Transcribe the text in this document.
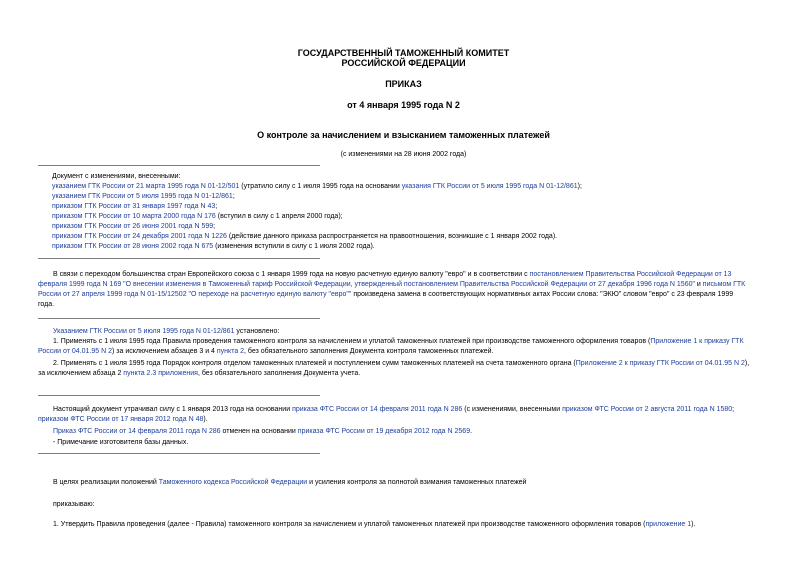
ГОСУДАРСТВЕННЫЙ ТАМОЖЕННЫЙ КОМИТЕТ
РОССИЙСКОЙ ФЕДЕРАЦИИ
ПРИКАЗ
от 4 января 1995 года N 2
О контроле за начислением и взысканием таможенных платежей
(с изменениями на 28 июня 2002 года)
Документ с изменениями, внесенными:
указанием ГТК России от 21 марта 1995 года N 01-12/501 (утратило силу с 1 июля 1995 года на основании указания ГТК России от 5 июля 1995 года N 01-12/861);
указанием ГТК России от 5 июля 1995 года N 01-12/861;
приказом ГТК России от 31 января 1997 года N 43;
приказом ГТК России от 10 марта 2000 года N 176 (вступил в силу с 1 апреля 2000 года);
приказом ГТК России от 26 июня 2001 года N 599;
приказом ГТК России от 24 декабря 2001 года N 1226 (действие данного приказа распространяется на правоотношения, возникшие с 1 января 2002 года).
приказом ГТК России от 28 июня 2002 года N 675 (изменения вступили в силу с 1 июля 2002 года).
В связи с переходом большинства стран Европейского союза с 1 января 1999 года на новую расчетную единую валюту "евро" и в соответствии с постановлением Правительства Российской Федерации от 13
февраля 1999 года N 169 "О внесении изменения в Таможенный тариф Российской Федерации, утвержденный постановлением Правительства Российской Федерации от 27 декабря 1996 года N 1560" и письмом ГТК
России от 27 апреля 1999 года N 01-15/12502 "О переходе на расчетную единую валюту "евро"" произведена замена в соответствующих нормативных актах России слова: "ЭКЮ" словом "евро" с 23 февраля 1999
года.
Указанием ГТК России от 5 июля 1995 года N 01-12/861 установлено:
1. Применять с 1 июля 1995 года Правила проведения таможенного контроля за начислением и уплатой таможенных платежей при производстве таможенного оформления товаров (Приложение 1 к приказу ГТК
России от 04.01.95 N 2) за исключением абзацев 3 и 4 пункта 2, без обязательного заполнения Документа контроля таможенных платежей.
2. Применять с 1 июля 1995 года Порядок контроля отделом таможенных платежей и поступлением сумм таможенных платежей на счета таможенного органа (Приложение 2 к приказу ГТК России от 04.01.95 N 2),
за исключением абзаца 2 пункта 2.3 приложения, без обязательного заполнения Документа учета.
Настоящий документ утрачивал силу с 1 января 2013 года на основании приказа ФТС России от 14 февраля 2011 года N 286 (с изменениями, внесенными приказом ФТС России от 2 августа 2011 года N 1580;
приказом ФТС России от 17 января 2012 года N 48).
Приказ ФТС России от 14 февраля 2011 года N 286 отменен на основании приказа ФТС России от 19 декабря 2012 года N 2569.
- Примечание изготовителя базы данных.
В целях реализации положений Таможенного кодекса Российской Федерации и усиления контроля за полнотой взимания таможенных платежей
приказываю:
1. Утвердить Правила проведения (далее - Правила) таможенного контроля за начислением и уплатой таможенных платежей при производстве таможенного оформления товаров (приложение 1).
